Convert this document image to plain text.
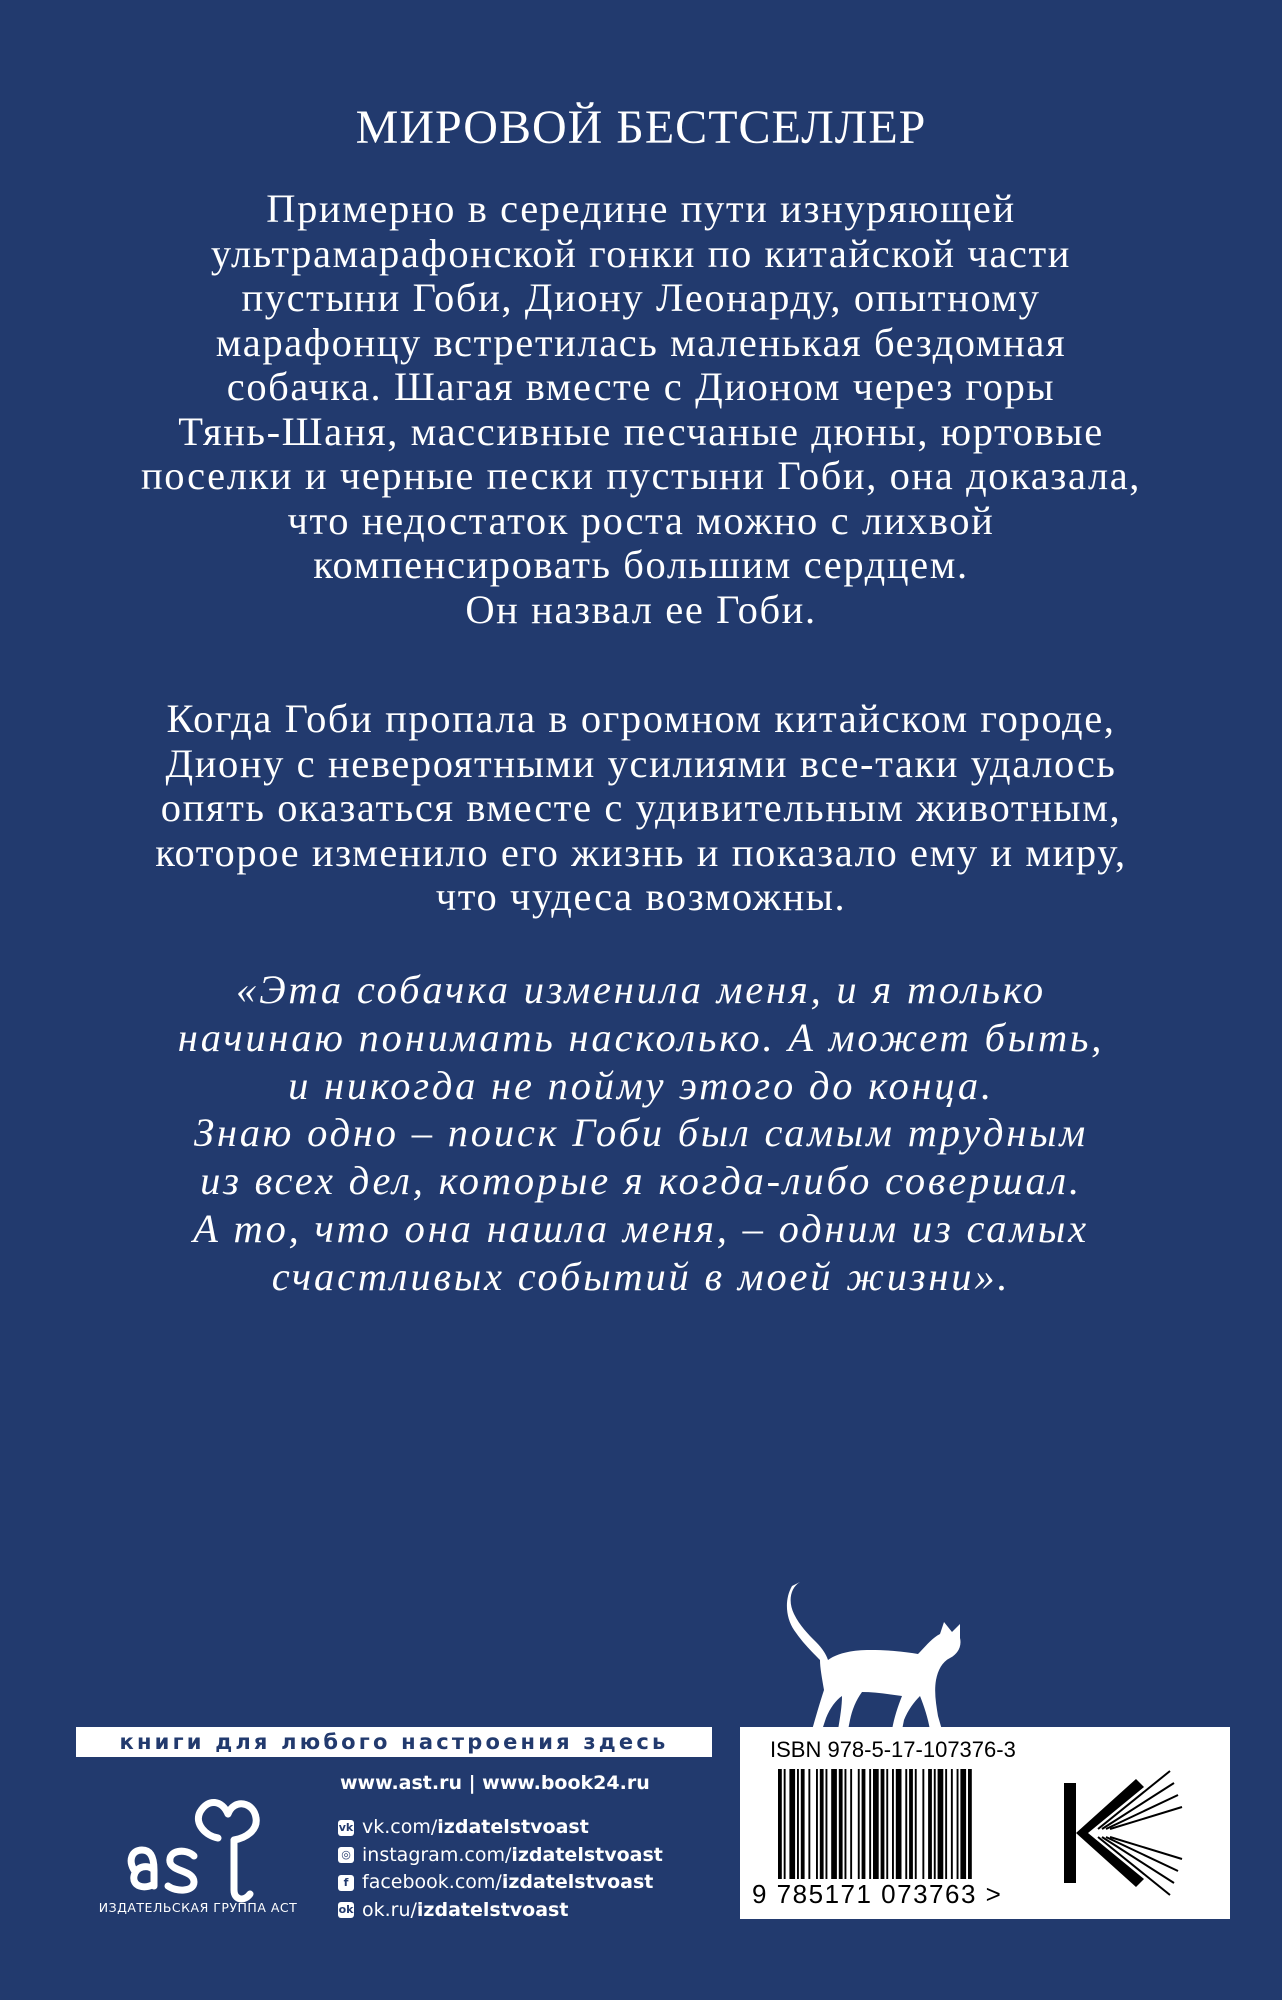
МИРОВОЙ БЕСТСЕЛЛЕР

Примерно в середине пути изнуряющей
ультрамарафонской гонки по китайской части
пустыни Гоби, Диону Леонарду, опытному
марафонцу встретилась маленькая бездомная
собачка. Шагая вместе с Дионом через горы
Тянь-Шаня, массивные песчаные дюны, юртовые
поселки и черные пески пустыни Гоби, она доказала,
что недостаток роста можно с лихвой
компенсировать большим сердцем.
Он назвал ее Гоби.

Когда Гоби пропала в огромном китайском городе,
Диону с невероятными усилиями все-таки удалось
опять оказаться вместе с удивительным животным,
которое изменило его жизнь и показало ему и миру,
что чудеса возможны.

«Эта собачка изменила меня, и я только
начинаю понимать насколько. А может быть,
и никогда не пойму этого до конца.
Знаю одно – поиск Гоби был самым трудным
из всех дел, которые я когда-либо совершал.
А то, что она нашла меня, – одним из самых
счастливых событий в моей жизни».

книги для любого настроения здесь
ИЗДАТЕЛЬСКАЯ ГРУППА АСТ
www.ast.ru | www.book24.ru
vk vk.com/ izdatelstvoast
◎ instagram.com/ izdatelstvoast
f facebook.com/ izdatelstvoast
ok ok.ru/ izdatelstvoast
ISBN 978-5-17-107376-3
9 785171 073763 >
